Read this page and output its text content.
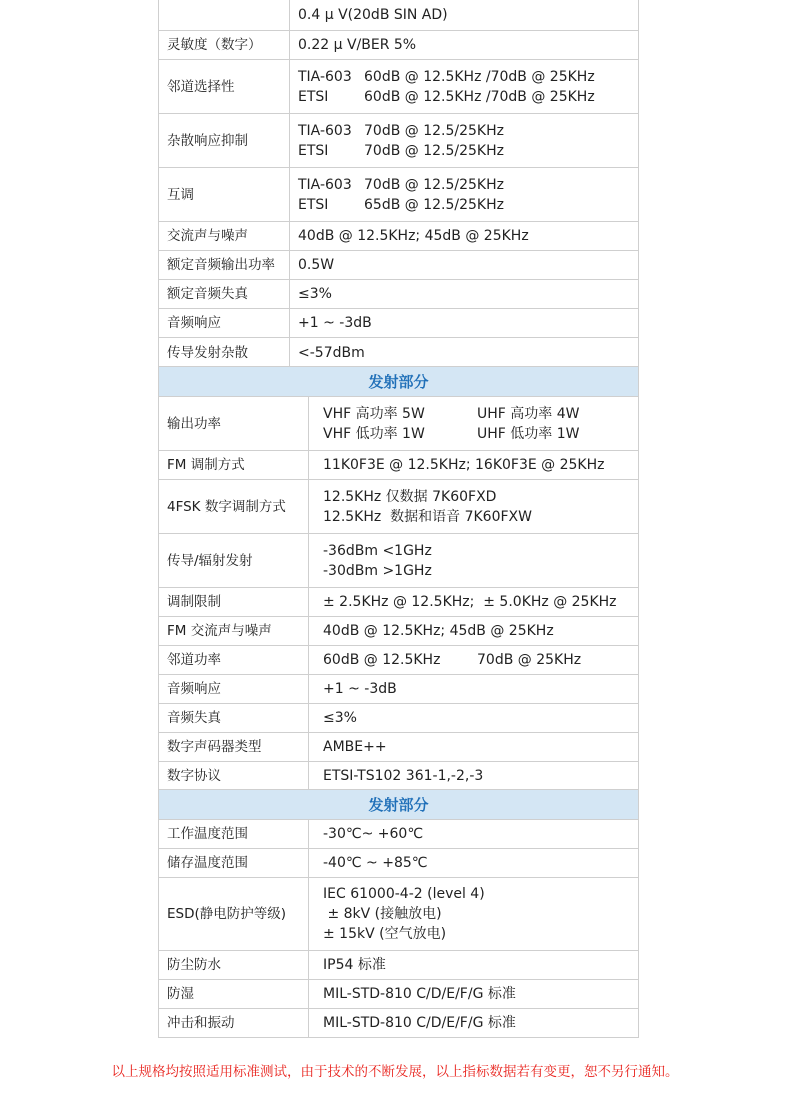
	0.4 μ V(20dB SIN AD)

灵敏度（数字）	0.22 μ V/BER 5%

邻道选择性	TIA-603 60dB @ 12.5KHz /70dB @ 25KHz
ETSI 60dB @ 12.5KHz /70dB @ 25KHz

杂散响应抑制	TIA-603 70dB @ 12.5/25KHz
ETSI 70dB @ 12.5/25KHz

互调	TIA-603 70dB @ 12.5/25KHz
ETSI 65dB @ 12.5/25KHz

交流声与噪声	40dB @ 12.5KHz; 45dB @ 25KHz

额定音频输出功率	0.5W

额定音频失真	≤3%

音频响应	+1 ~ -3dB

传导发射杂散	<-57dBm
发射部分	
输出功率	VHF 高功率 5W UHF 高功率 4W
VHF 低功率 1W UHF 低功率 1W

FM 调制方式	11K0F3E @ 12.5KHz; 16K0F3E @ 25KHz

4FSK 数字调制方式	12.5KHz 仅数据 7K60FXD
12.5KHz  数据和语音 7K60FXW

传导/辐射发射	-36dBm <1GHz
-30dBm >1GHz

调制限制	± 2.5KHz @ 12.5KHz;  ± 5.0KHz @ 25KHz

FM 交流声与噪声	40dB @ 12.5KHz; 45dB @ 25KHz

邻道功率	60dB @ 12.5KHz 70dB @ 25KHz

音频响应	+1 ~ -3dB

音频失真	≤3%

数字声码器类型	AMBE++

数字协议	ETSI-TS102 361-1,-2,-3
发射部分	
工作温度范围	-30℃~ +60℃

储存温度范围	-40℃ ~ +85℃

ESD(静电防护等级)	IEC 61000-4-2 (level 4)
± 8kV (接触放电)
± 15kV (空气放电)

防尘防水	IP54 标准

防湿	MIL-STD-810 C/D/E/F/G 标准

冲击和振动	MIL-STD-810 C/D/E/F/G 标准
以上规格均按照适用标准测试，由于技术的不断发展，以上指标数据若有变更，恕不另行通知。
